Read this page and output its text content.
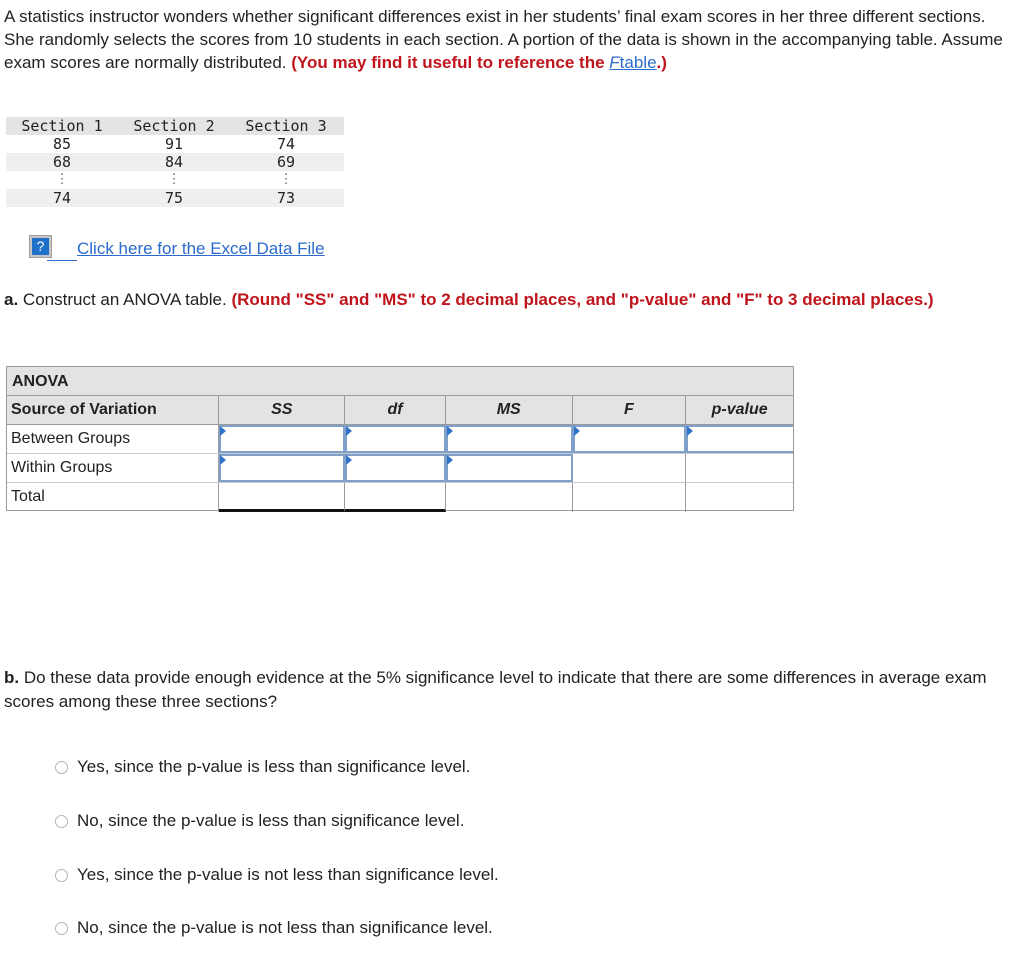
A statistics instructor wonders whether significant differences exist in her students’ final exam scores in her three different sections. She randomly selects the scores from 10 students in each section. A portion of the data is shown in the accompanying table. Assume exam scores are normally distributed. (You may find it useful to reference the Ftable.)
Section 1	Section 2	Section 3
85	91	74
68	84	69
⋮	⋮	⋮
74	75	73
?	Click here for the Excel Data File
a. Construct an ANOVA table. (Round "SS" and "MS" to 2 decimal places, and "p-value" and "F" to 3 decimal places.)
ANOVA
Source of Variation	SS	df	MS	F	p-value
Between Groups
Within Groups
Total
b. Do these data provide enough evidence at the 5% significance level to indicate that there are some differences in average exam scores among these three sections?
Yes, since the p-value is less than significance level.
No, since the p-value is less than significance level.
Yes, since the p-value is not less than significance level.
No, since the p-value is not less than significance level.
